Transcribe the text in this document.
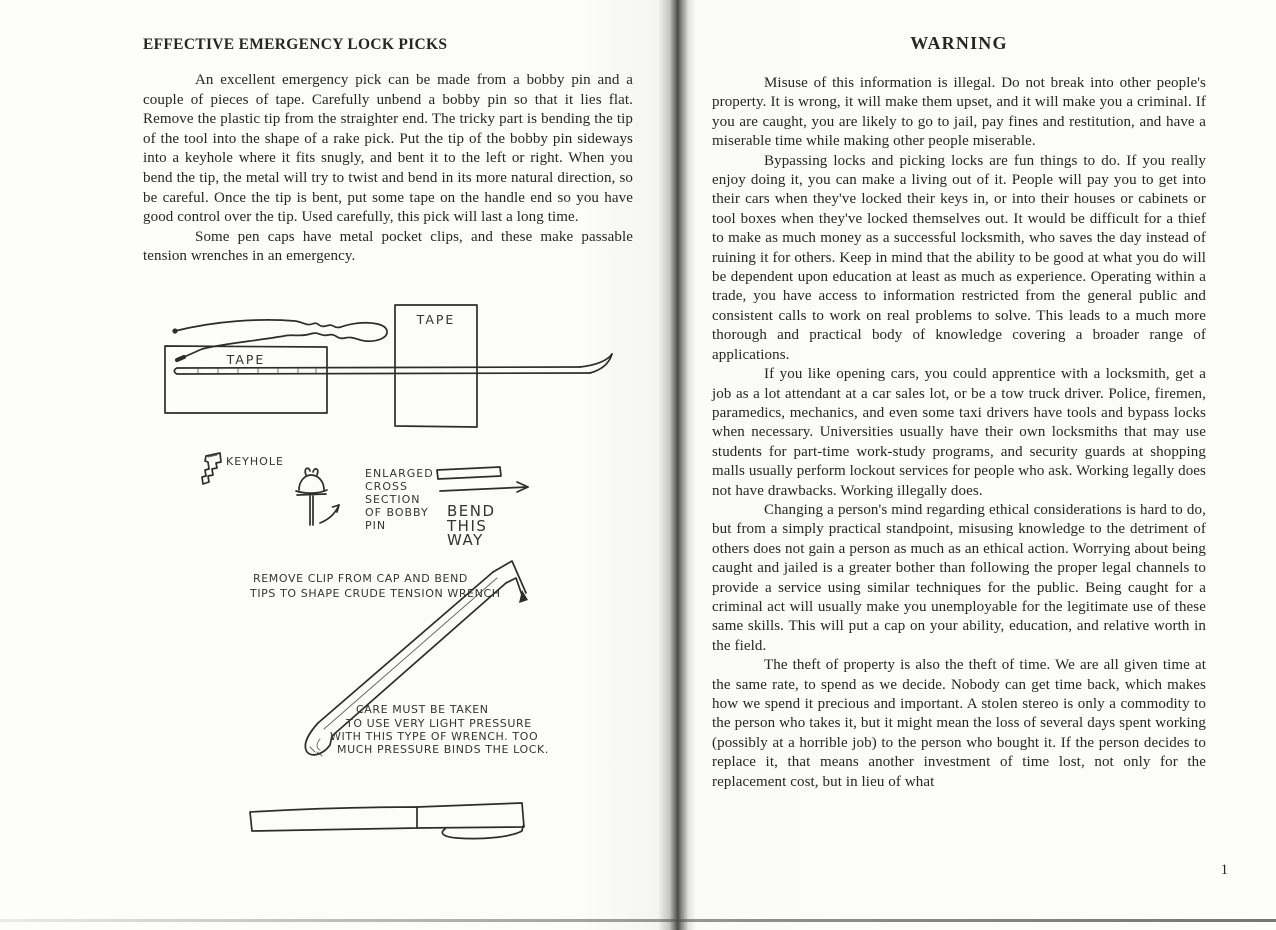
EFFECTIVE EMERGENCY LOCK PICKS

An excellent emergency pick can be made from a bobby pin and a couple of pieces of tape. Carefully unbend a bobby pin so that it lies flat. Remove the plastic tip from the straighter end. The tricky part is bending the tip of the tool into the shape of a rake pick. Put the tip of the bobby pin sideways into a keyhole where it fits snugly, and bent it to the left or right. When you bend the tip, the metal will try to twist and bend in its more natural direction, so be careful. Once the tip is bent, put some tape on the handle end so you have good control over the tip. Used carefully, this pick will last a long time.

Some pen caps have metal pocket clips, and these make passable tension wrenches in an emergency.

TAPE
TAPE
KEYHOLE
ENLARGED
CROSS
SECTION
OF BOBBY
PIN
BEND
THIS
WAY
REMOVE CLIP FROM CAP AND BEND
TIPS TO SHAPE CRUDE TENSION WRENCH
CARE MUST BE TAKEN
TO USE VERY LIGHT PRESSURE
WITH THIS TYPE OF WRENCH. TOO
MUCH PRESSURE BINDS THE LOCK.
WARNING

Misuse of this information is illegal. Do not break into other people's property. It is wrong, it will make them upset, and it will make you a criminal. If you are caught, you are likely to go to jail, pay fines and restitution, and have a miserable time while making other people miserable.

Bypassing locks and picking locks are fun things to do. If you really enjoy doing it, you can make a living out of it. People will pay you to get into their cars when they've locked their keys in, or into their houses or cabinets or tool boxes when they've locked themselves out. It would be difficult for a thief to make as much money as a successful locksmith, who saves the day instead of ruining it for others. Keep in mind that the ability to be good at what you do will be dependent upon education at least as much as experience. Operating within a trade, you have access to information restricted from the general public and consistent calls to work on real problems to solve. This leads to a much more thorough and practical body of knowledge covering a broader range of applications.

If you like opening cars, you could apprentice with a locksmith, get a job as a lot attendant at a car sales lot, or be a tow truck driver. Police, firemen, paramedics, mechanics, and even some taxi drivers have tools and bypass locks when necessary. Universities usually have their own locksmiths that may use students for part-time work-study programs, and security guards at shopping malls usually perform lockout services for people who ask. Working legally does not have drawbacks. Working illegally does.

Changing a person's mind regarding ethical considerations is hard to do, but from a simply practical standpoint, misusing knowledge to the detriment of others does not gain a person as much as an ethical action. Worrying about being caught and jailed is a greater bother than following the proper legal channels to provide a service using similar techniques for the public. Being caught for a criminal act will usually make you unemployable for the legitimate use of these same skills. This will put a cap on your ability, education, and relative worth in the field.

The theft of property is also the theft of time. We are all given time at the same rate, to spend as we decide. Nobody can get time back, which makes how we spend it precious and important. A stolen stereo is only a commodity to the person who takes it, but it might mean the loss of several days spent working (possibly at a horrible job) to the person who bought it. If the person decides to replace it, that means another investment of time lost, not only for the replacement cost, but in lieu of what

1
